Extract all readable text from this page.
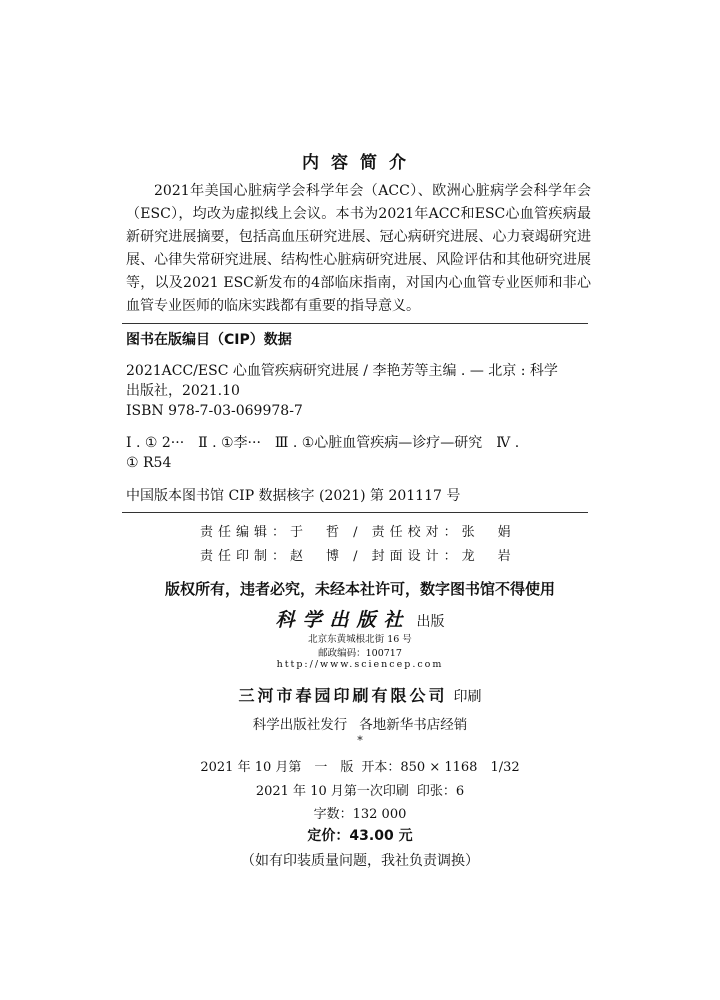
内容简介
2021年美国心脏病学会科学年会（ACC）、欧洲心脏病学会科学年会（ESC），均改为虚拟线上会议。本书为2021年ACC和ESC心血管疾病最新研究进展摘要，包括高血压研究进展、冠心病研究进展、心力衰竭研究进展、心律失常研究进展、结构性心脏病研究进展、风险评估和其他研究进展等，以及2021 ESC新发布的4部临床指南，对国内心血管专业医师和非心血管专业医师的临床实践都有重要的指导意义。
图书在版编目（CIP）数据
2021ACC/ESC 心血管疾病研究进展 / 李艳芳等主编 . — 北京 : 科学
出版社，2021.10
ISBN 978-7-03-069978-7
Ⅰ . ① 2···　Ⅱ . ①李···　Ⅲ . ①心脏血管疾病—诊疗—研究　Ⅳ .
① R54
中国版本图书馆 CIP 数据核字 (2021) 第 201117 号
责任编辑：于　哲 / 责任校对：张　娟
责任印制：赵　博 / 封面设计：龙　岩
版权所有，违者必究，未经本社许可，数字图书馆不得使用
科学出版社 出版
北京东黄城根北街 16 号
邮政编码：100717
http://www.sciencep.com
三河市春园印刷有限公司 印刷
科学出版社发行 各地新华书店经销
*
2021 年 10 月第　一　版 开本：850 × 1168　1/32
2021 年 10 月第一次印刷 印张：6
字数：132 000
定价：43.00 元
（如有印装质量问题，我社负责调换）
